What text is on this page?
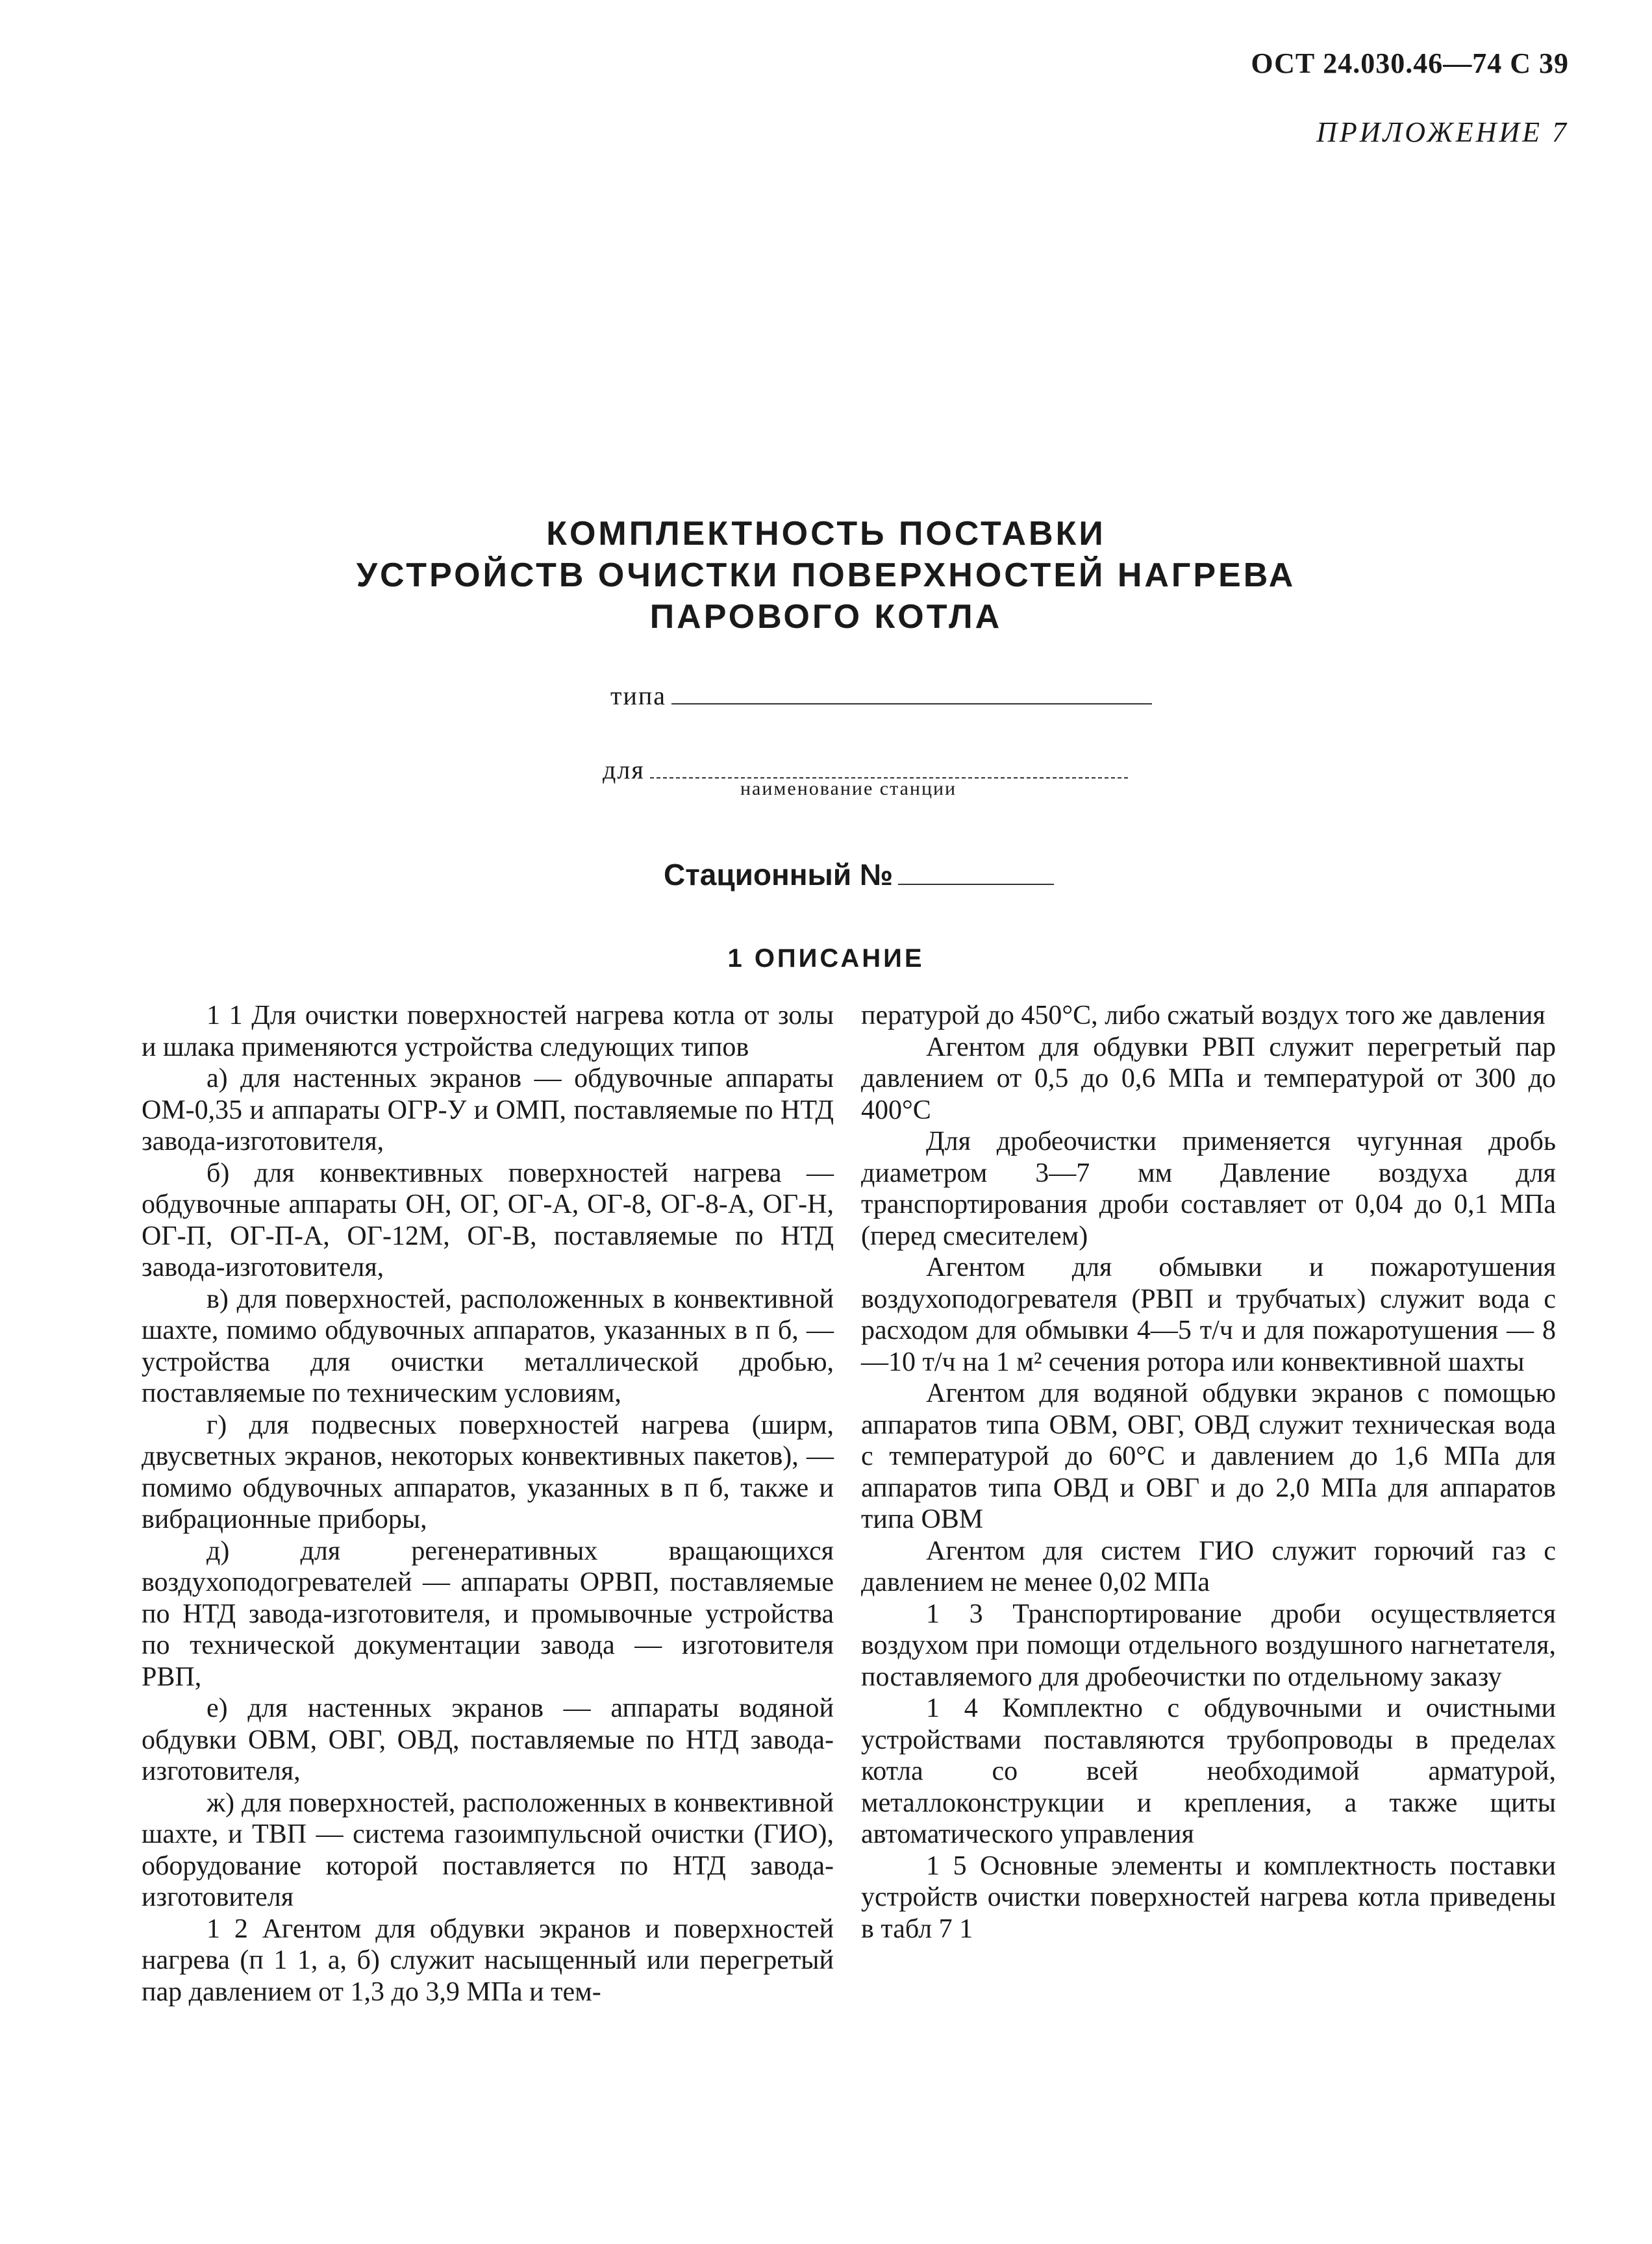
ОСТ 24.030.46—74 С 39
ПРИЛОЖЕНИЕ 7
КОМПЛЕКТНОСТЬ ПОСТАВКИ
УСТРОЙСТВ ОЧИСТКИ ПОВЕРХНОСТЕЙ НАГРЕВА
ПАРОВОГО КОТЛА
типа
для
наименование станции
Стационный №
1 ОПИСАНИЕ

1 1 Для очистки поверхностей нагрева котла от золы и шлака применяются устройства следующих типов

а) для настенных экранов — обдувочные аппараты ОМ-0,35 и аппараты ОГР-У и ОМП, поставляемые по НТД завода-изготовителя,

б) для конвективных поверхностей нагрева — обдувочные аппараты ОН, ОГ, ОГ-А, ОГ-8, ОГ-8-А, ОГ-Н, ОГ-П, ОГ-П-А, ОГ-12М, ОГ-В, поставляемые по НТД завода-изготовителя,

в) для поверхностей, расположенных в конвективной шахте, помимо обдувочных аппаратов, указанных в п б, — устройства для очистки металлической дробью, поставляемые по техническим условиям,

г) для подвесных поверхностей нагрева (ширм, двусветных экранов, некоторых конвективных пакетов), — помимо обдувочных аппаратов, указанных в п б, также и вибрационные приборы,

д) для регенеративных вращающихся воздухоподогревателей — аппараты ОРВП, поставляемые по НТД завода-изготовителя, и промывочные устройства по технической документации завода — изготовителя РВП,

е) для настенных экранов — аппараты водяной обдувки ОВМ, ОВГ, ОВД, поставляемые по НТД завода-изготовителя,

ж) для поверхностей, расположенных в конвективной шахте, и ТВП — система газоимпульсной очистки (ГИО), оборудование которой поставляется по НТД завода-изготовителя

1 2 Агентом для обдувки экранов и поверхностей нагрева (п 1 1, а, б) служит насыщенный или перегретый пар давлением от 1,3 до 3,9 МПа и тем-

пературой до 450°С, либо сжатый воздух того же давления

Агентом для обдувки РВП служит перегретый пар давлением от 0,5 до 0,6 МПа и температурой от 300 до 400°С

Для дробеочистки применяется чугунная дробь диаметром 3—7 мм Давление воздуха для транспортирования дроби составляет от 0,04 до 0,1 МПа (перед смесителем)

Агентом для обмывки и пожаротушения воздухоподогревателя (РВП и трубчатых) служит вода с расходом для обмывки 4—5 т/ч и для пожаротушения — 8—10 т/ч на 1 м² сечения ротора или конвективной шахты

Агентом для водяной обдувки экранов с помощью аппаратов типа ОВМ, ОВГ, ОВД служит техническая вода с температурой до 60°С и давлением до 1,6 МПа для аппаратов типа ОВД и ОВГ и до 2,0 МПа для аппаратов типа ОВМ

Агентом для систем ГИО служит горючий газ с давлением не менее 0,02 МПа

1 3 Транспортирование дроби осуществляется воздухом при помощи отдельного воздушного нагнетателя, поставляемого для дробеочистки по отдельному заказу

1 4 Комплектно с обдувочными и очистными устройствами поставляются трубопроводы в пределах котла со всей необходимой арматурой, металлоконструкции и крепления, а также щиты автоматического управления

1 5 Основные элементы и комплектность поставки устройств очистки поверхностей нагрева котла приведены в табл 7 1
